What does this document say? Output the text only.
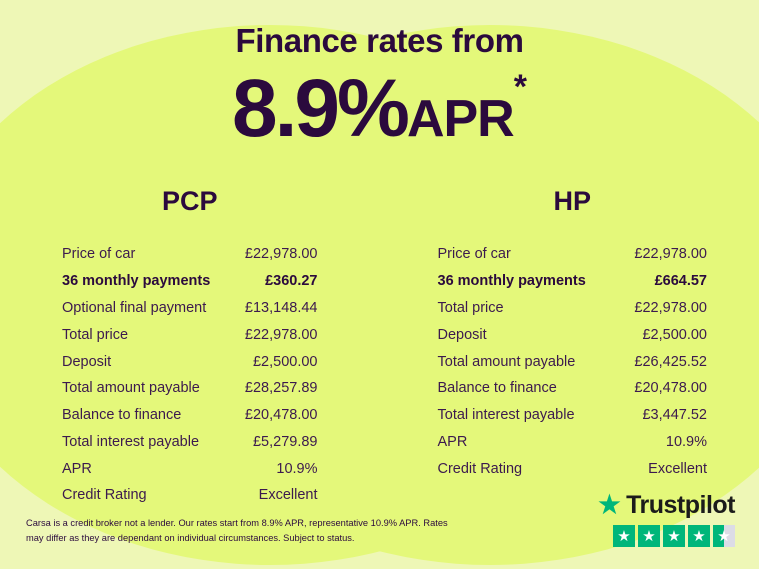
Finance rates from
8.9%APR*
PCP
Price of car	£22,978.00
36 monthly payments	£360.27
Optional final payment	£13,148.44
Total price	£22,978.00
Deposit	£2,500.00
Total amount payable	£28,257.89
Balance to finance	£20,478.00
Total interest payable	£5,279.89
APR	10.9%
Credit Rating	Excellent
HP
Price of car	£22,978.00
36 monthly payments	£664.57
Total price	£22,978.00
Deposit	£2,500.00
Total amount payable	£26,425.52
Balance to finance	£20,478.00
Total interest payable	£3,447.52
APR	10.9%
Credit Rating	Excellent
Carsa is a credit broker not a lender. Our rates start from 8.9% APR, representative 10.9% APR. Rates may differ as they are dependant on individual circumstances. Subject to status.
★ Trustpilot
★ ★ ★ ★ ★
